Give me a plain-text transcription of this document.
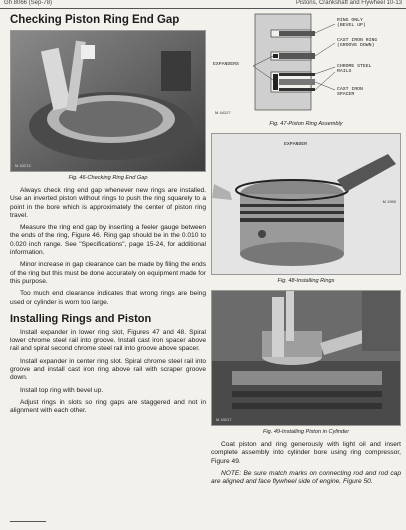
Gh 8066 (Sep-78)	Pistons, Crankshaft and Flywheel 10-13
Checking Piston Ring End Gap
M 43213
Fig. 46-Checking Ring End Gap

Always check ring end gap whenever new rings are installed. Use an inverted piston without rings to push the ring squarely to a point in the bore which is approximately the center of piston ring travel.

Measure the ring end gap by inserting a feeler gauge between the ends of the ring, Figure 46. Ring gap should be in the 0.010 to 0.020 inch range. See "Specifications", page 15-24, for additional information.

Minor increase in gap clearance can be made by filing the ends of the ring but this must be done accurately on equipment made for this purpose.

Too much end clearance indicates that wrong rings are being used or cylinder is worn too large.

Installing Rings and Piston

Install expander in lower ring slot, Figures 47 and 48. Spiral lower chrome steel rail into groove. Install cast iron spacer above rail and spiral second chrome steel rail into groove above spacer.

Install expander in center ring slot. Spiral chrome steel rail into groove and install cast iron ring above rail with scraper groove down.

Install top ring with bevel up.

Adjust rings in slots so ring gaps are staggered and not in alignment with each other.

RING ONLY
(BEVEL UP)
CAST IRON RING
(GROOVE DOWN)
EXPANDERS	CHROME STEEL
RAILS
CAST IRON
SPACER
M 44127
Fig. 47-Piston Ring Assembly
EXPANDER
M 1990
Fig. 48-Installing Rings
M 43217
Fig. 49-Installing Piston in Cylinder

Coat piston and ring generously with light oil and insert complete assembly into cylinder bore using ring compressor, Figure 49.

NOTE: Be sure match marks on connecting rod and rod cap are aligned and face flywheel side of engine, Figure 50.
